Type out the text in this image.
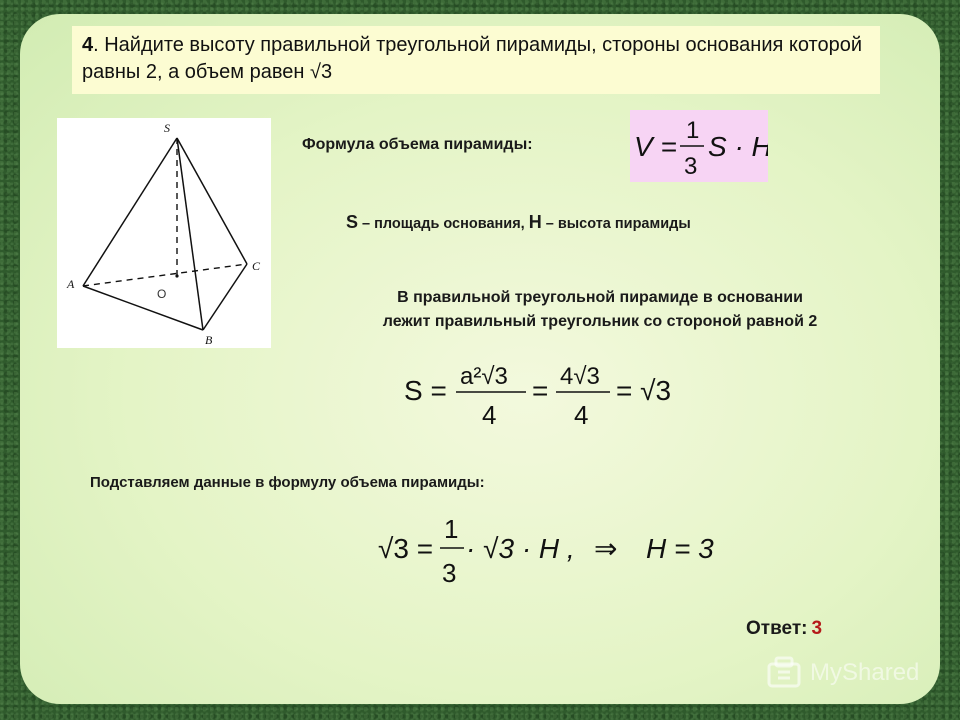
4. Найдите высоту правильной треугольной пирамиды, стороны основания которой равны 2, а объем равен √3
S
A
B
C
O
Формула объема пирамиды:	V =
1
3
S · H
S – площадь основания, H – высота пирамиды
В правильной треугольной пирамиде в основании
лежит правильный треугольник со стороной равной 2
S = a²√3
4
= 4√3
4
= √3
Подставляем данные в формулу объема пирамиды:
√3 =
1
3
· √3 · H , ⇒ H = 3
Ответ: 3
MyShared
